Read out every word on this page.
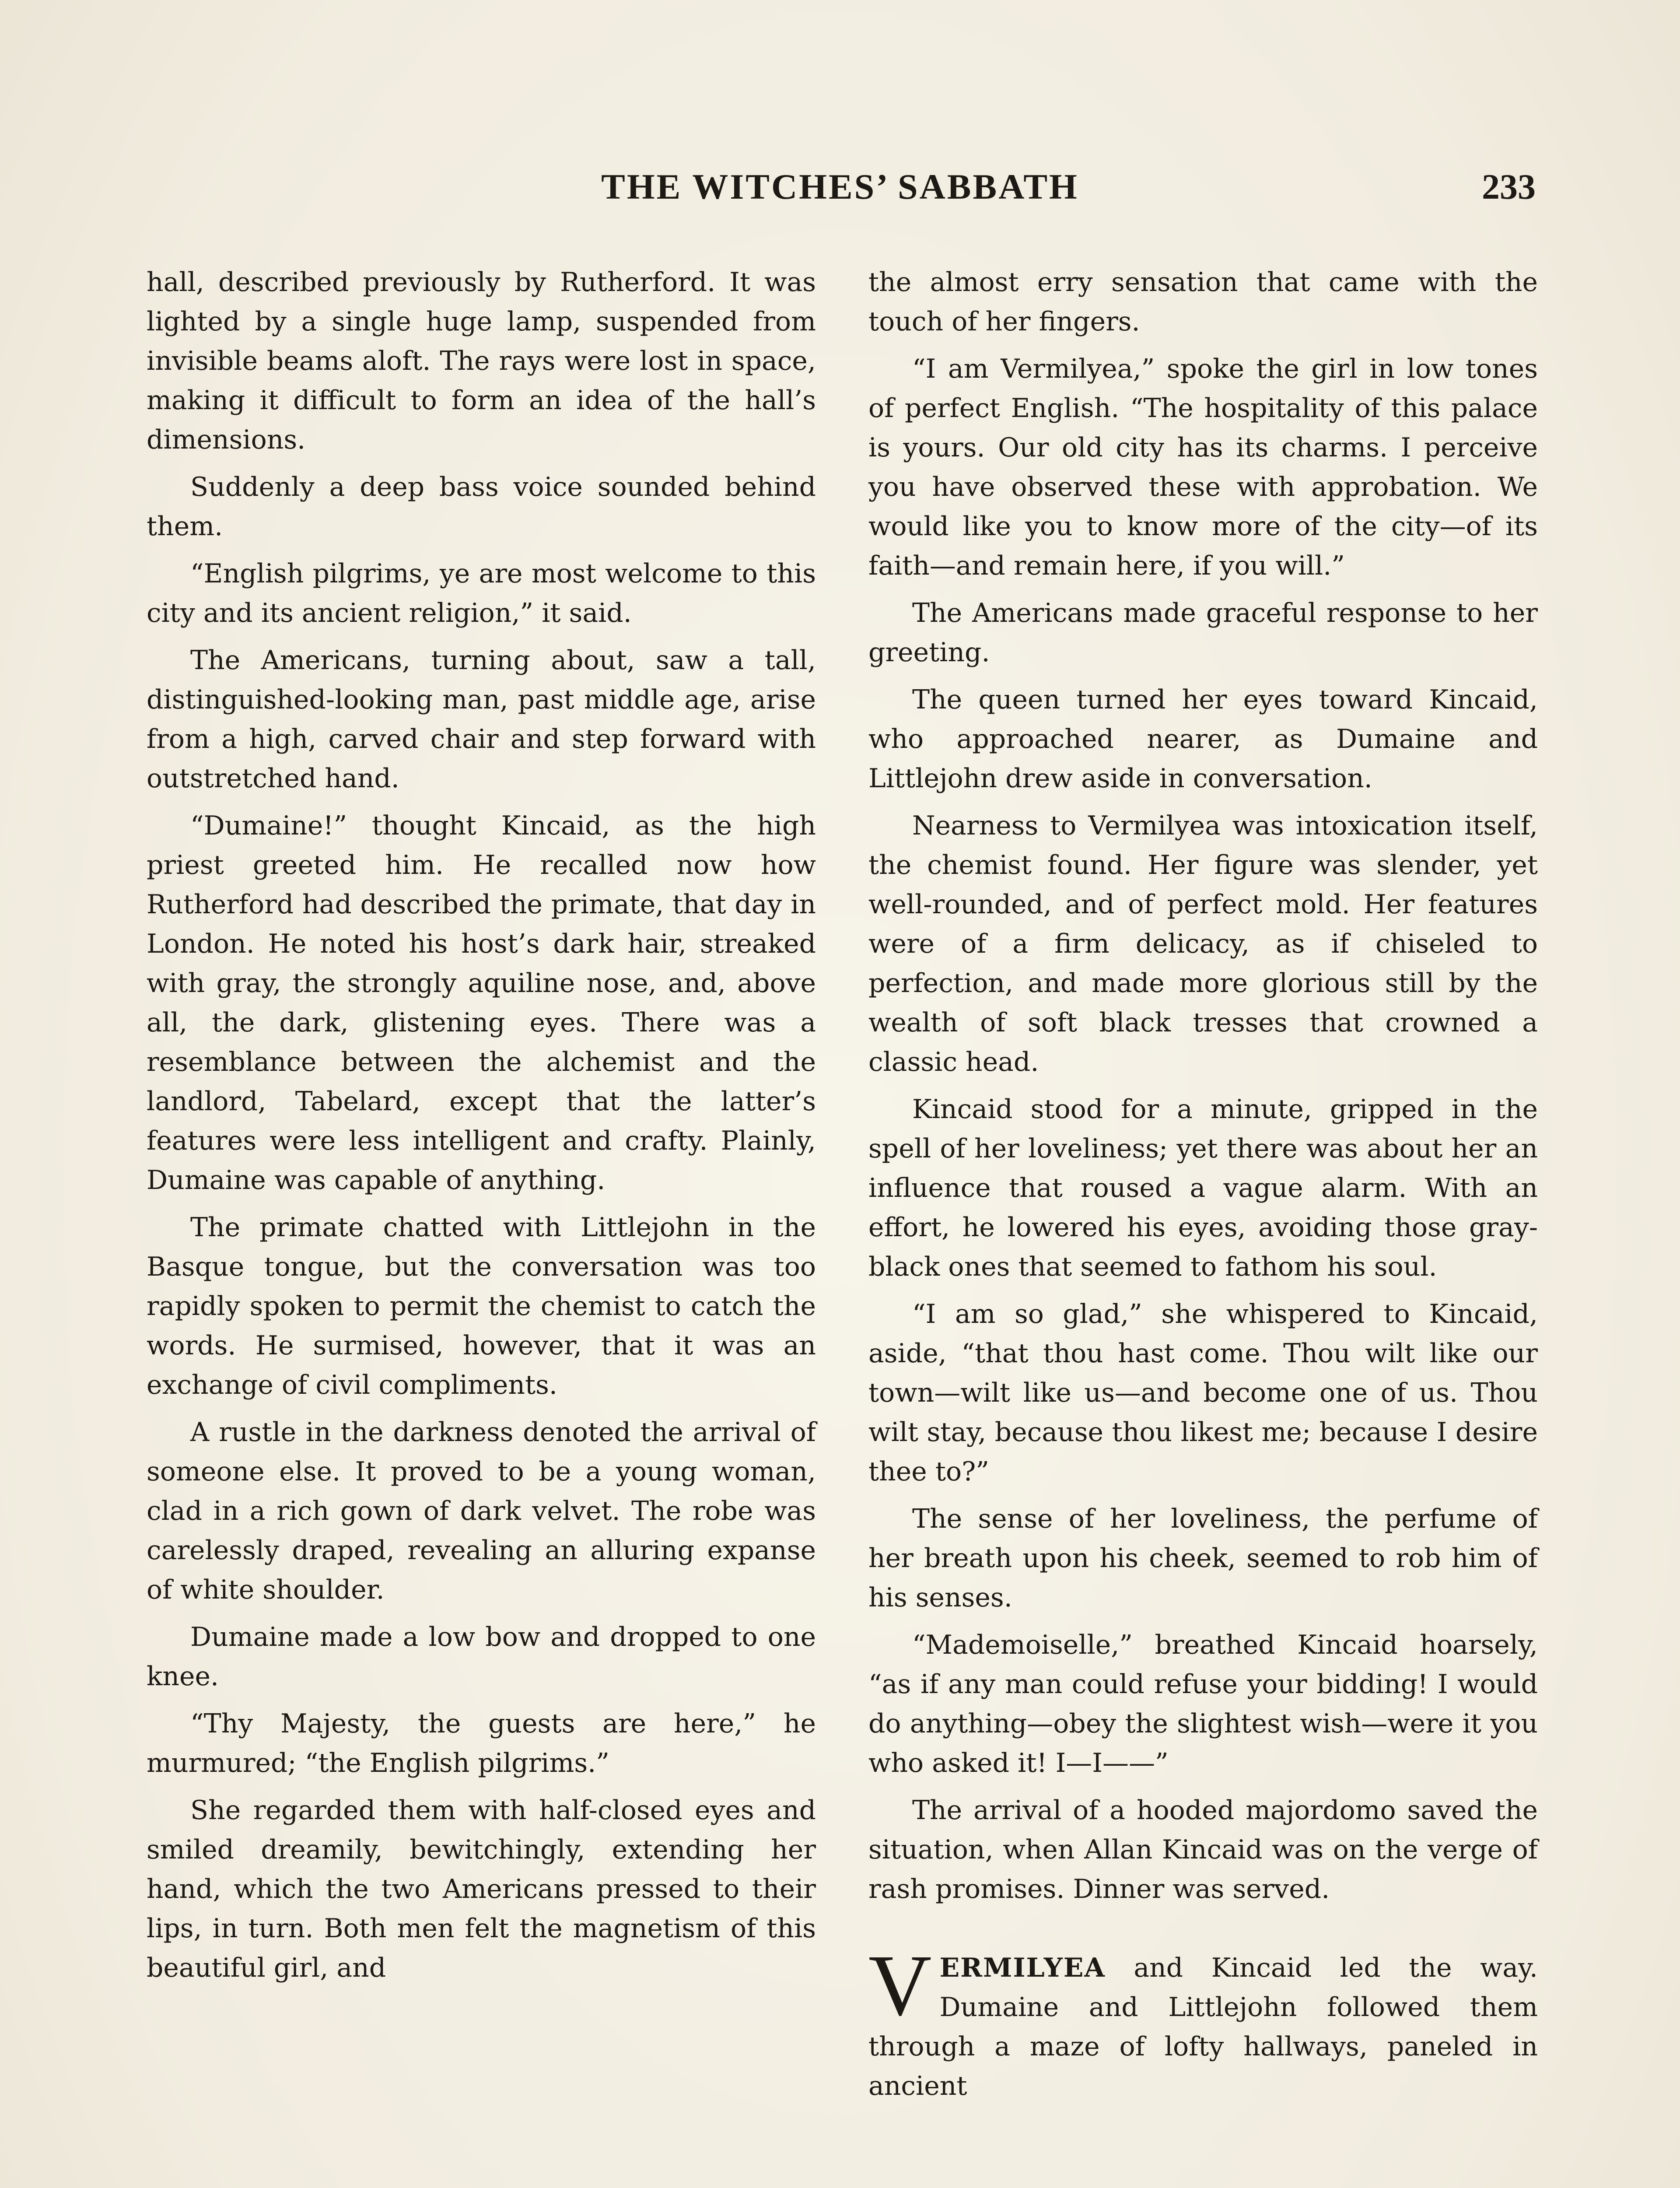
THE WITCHES’ SABBATH	233

hall, described previously by Rutherford. It was lighted by a single huge lamp, suspended from invisible beams aloft. The rays were lost in space, making it difficult to form an idea of the hall’s dimensions.

Suddenly a deep bass voice sounded behind them.

“English pilgrims, ye are most welcome to this city and its ancient religion,” it said.

The Americans, turning about, saw a tall, distinguished-looking man, past middle age, arise from a high, carved chair and step forward with outstretched hand.

“Dumaine!” thought Kincaid, as the high priest greeted him. He recalled now how Rutherford had described the primate, that day in London. He noted his host’s dark hair, streaked with gray, the strongly aquiline nose, and, above all, the dark, glistening eyes. There was a resemblance between the alchemist and the landlord, Tabelard, except that the latter’s features were less intelligent and crafty. Plainly, Dumaine was capable of anything.

The primate chatted with Littlejohn in the Basque tongue, but the conversation was too rapidly spoken to permit the chemist to catch the words. He surmised, however, that it was an exchange of civil compliments.

A rustle in the darkness denoted the arrival of someone else. It proved to be a young woman, clad in a rich gown of dark velvet. The robe was carelessly draped, revealing an alluring expanse of white shoulder.

Dumaine made a low bow and dropped to one knee.

“Thy Majesty, the guests are here,” he murmured; “the English pilgrims.”

She regarded them with half-closed eyes and smiled dreamily, bewitchingly, extending her hand, which the two Americans pressed to their lips, in turn. Both men felt the magnetism of this beautiful girl, and

the almost erry sensation that came with the touch of her fingers.

“I am Vermilyea,” spoke the girl in low tones of perfect English. “The hospitality of this palace is yours. Our old city has its charms. I perceive you have observed these with approbation. We would like you to know more of the city—of its faith—and remain here, if you will.”

The Americans made graceful response to her greeting.

The queen turned her eyes toward Kincaid, who approached nearer, as Dumaine and Littlejohn drew aside in conversation.

Nearness to Vermilyea was intoxication itself, the chemist found. Her figure was slender, yet well-rounded, and of perfect mold. Her features were of a firm delicacy, as if chiseled to perfection, and made more glorious still by the wealth of soft black tresses that crowned a classic head.

Kincaid stood for a minute, gripped in the spell of her loveliness; yet there was about her an influence that roused a vague alarm. With an effort, he lowered his eyes, avoiding those gray-black ones that seemed to fathom his soul.

“I am so glad,” she whispered to Kincaid, aside, “that thou hast come. Thou wilt like our town—wilt like us—and become one of us. Thou wilt stay, because thou likest me; because I desire thee to?”

The sense of her loveliness, the perfume of her breath upon his cheek, seemed to rob him of his senses.

“Mademoiselle,” breathed Kincaid hoarsely, “as if any man could refuse your bidding! I would do anything—obey the slightest wish—were it you who asked it! I—I——”

The arrival of a hooded majordomo saved the situation, when Allan Kincaid was on the verge of rash promises. Dinner was served.

VERMILYEA and Kincaid led the way. Dumaine and Littlejohn followed them through a maze of lofty hallways, paneled in ancient
